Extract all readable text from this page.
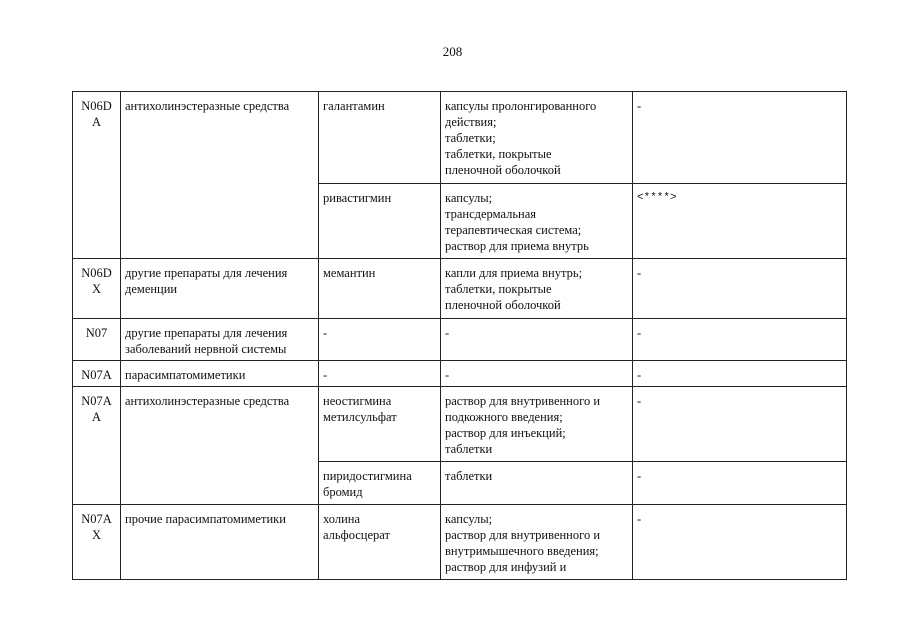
208
N06D
A	антихолинэстеразные средства	галантамин	капсулы пролонгированного
действия;
таблетки;
таблетки, покрытые
пленочной оболочкой	-
		ривастигмин	капсулы;
трансдермальная
терапевтическая система;
раствор для приема внутрь	<****>
N06D
X	другие препараты для лечения
деменции	мемантин	капли для приема внутрь;
таблетки, покрытые
пленочной оболочкой	-
N07	другие препараты для лечения
заболеваний нервной системы	-	-	-
N07A	парасимпатомиметики	-	-	-
N07A
A	антихолинэстеразные средства	неостигмина
метилсульфат	раствор для внутривенного и
подкожного введения;
раствор для инъекций;
таблетки	-
		пиридостигмина
бромид	таблетки	-
N07A
X	прочие парасимпатомиметики	холина
альфосцерат	капсулы;
раствор для внутривенного и
внутримышечного введения;
раствор для инфузий и	-
